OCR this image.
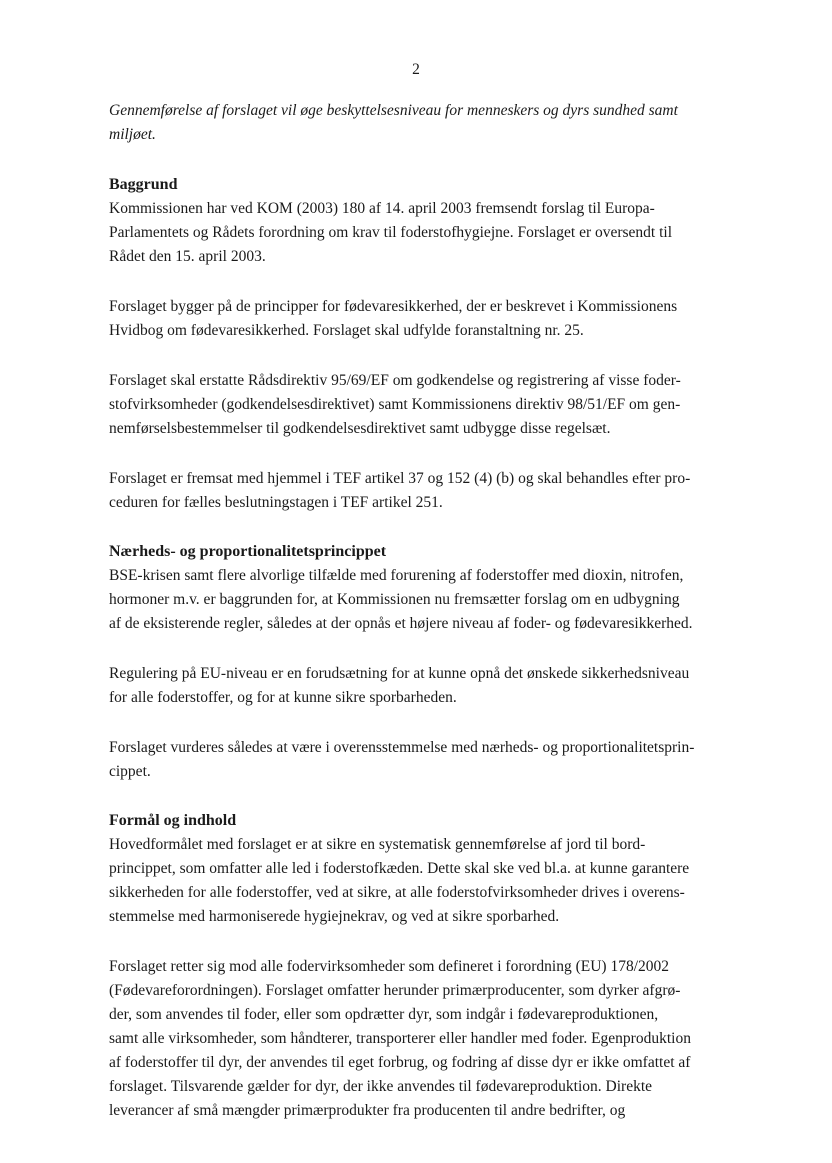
2

Gennemførelse af forslaget vil øge beskyttelsesniveau for menneskers og dyrs sundhed samt
miljøet.

Baggrund

Kommissionen har ved KOM (2003) 180 af 14. april 2003 fremsendt forslag til Europa-
Parlamentets og Rådets forordning om krav til foderstofhygiejne. Forslaget er oversendt til
Rådet den 15. april 2003.

Forslaget bygger på de principper for fødevaresikkerhed, der er beskrevet i Kommissionens
Hvidbog om fødevaresikkerhed. Forslaget skal udfylde foranstaltning nr. 25.

Forslaget skal erstatte Rådsdirektiv 95/69/EF om godkendelse og registrering af visse foder-
stofvirksomheder (godkendelsesdirektivet) samt Kommissionens direktiv 98/51/EF om gen-
nemførselsbestemmelser til godkendelsesdirektivet samt udbygge disse regelsæt.

Forslaget er fremsat med hjemmel i TEF artikel 37 og 152 (4) (b) og skal behandles efter pro-
ceduren for fælles beslutningstagen i TEF artikel 251.

Nærheds- og proportionalitetsprincippet

BSE-krisen samt flere alvorlige tilfælde med forurening af foderstoffer med dioxin, nitrofen,
hormoner m.v. er baggrunden for, at Kommissionen nu fremsætter forslag om en udbygning
af de eksisterende regler, således at der opnås et højere niveau af foder- og fødevaresikkerhed.

Regulering på EU-niveau er en forudsætning for at kunne opnå det ønskede sikkerhedsniveau
for alle foderstoffer, og for at kunne sikre sporbarheden.

Forslaget vurderes således at være i overensstemmelse med nærheds- og proportionalitetsprin-
cippet.

Formål og indhold

Hovedformålet med forslaget er at sikre en systematisk gennemførelse af jord til bord-
princippet, som omfatter alle led i foderstofkæden. Dette skal ske ved bl.a. at kunne garantere
sikkerheden for alle foderstoffer, ved at sikre, at alle foderstofvirksomheder drives i overens-
stemmelse med harmoniserede hygiejnekrav, og ved at sikre sporbarhed.

Forslaget retter sig mod alle fodervirksomheder som defineret i forordning (EU) 178/2002
(Fødevareforordningen). Forslaget omfatter herunder primærproducenter, som dyrker afgrø-
der, som anvendes til foder, eller som opdrætter dyr, som indgår i fødevareproduktionen,
samt alle virksomheder, som håndterer, transporterer eller handler med foder. Egenproduktion
af foderstoffer til dyr, der anvendes til eget forbrug, og fodring af disse dyr er ikke omfattet af
forslaget. Tilsvarende gælder for dyr, der ikke anvendes til fødevareproduktion. Direkte
leverancer af små mængder primærprodukter fra producenten til andre bedrifter, og
